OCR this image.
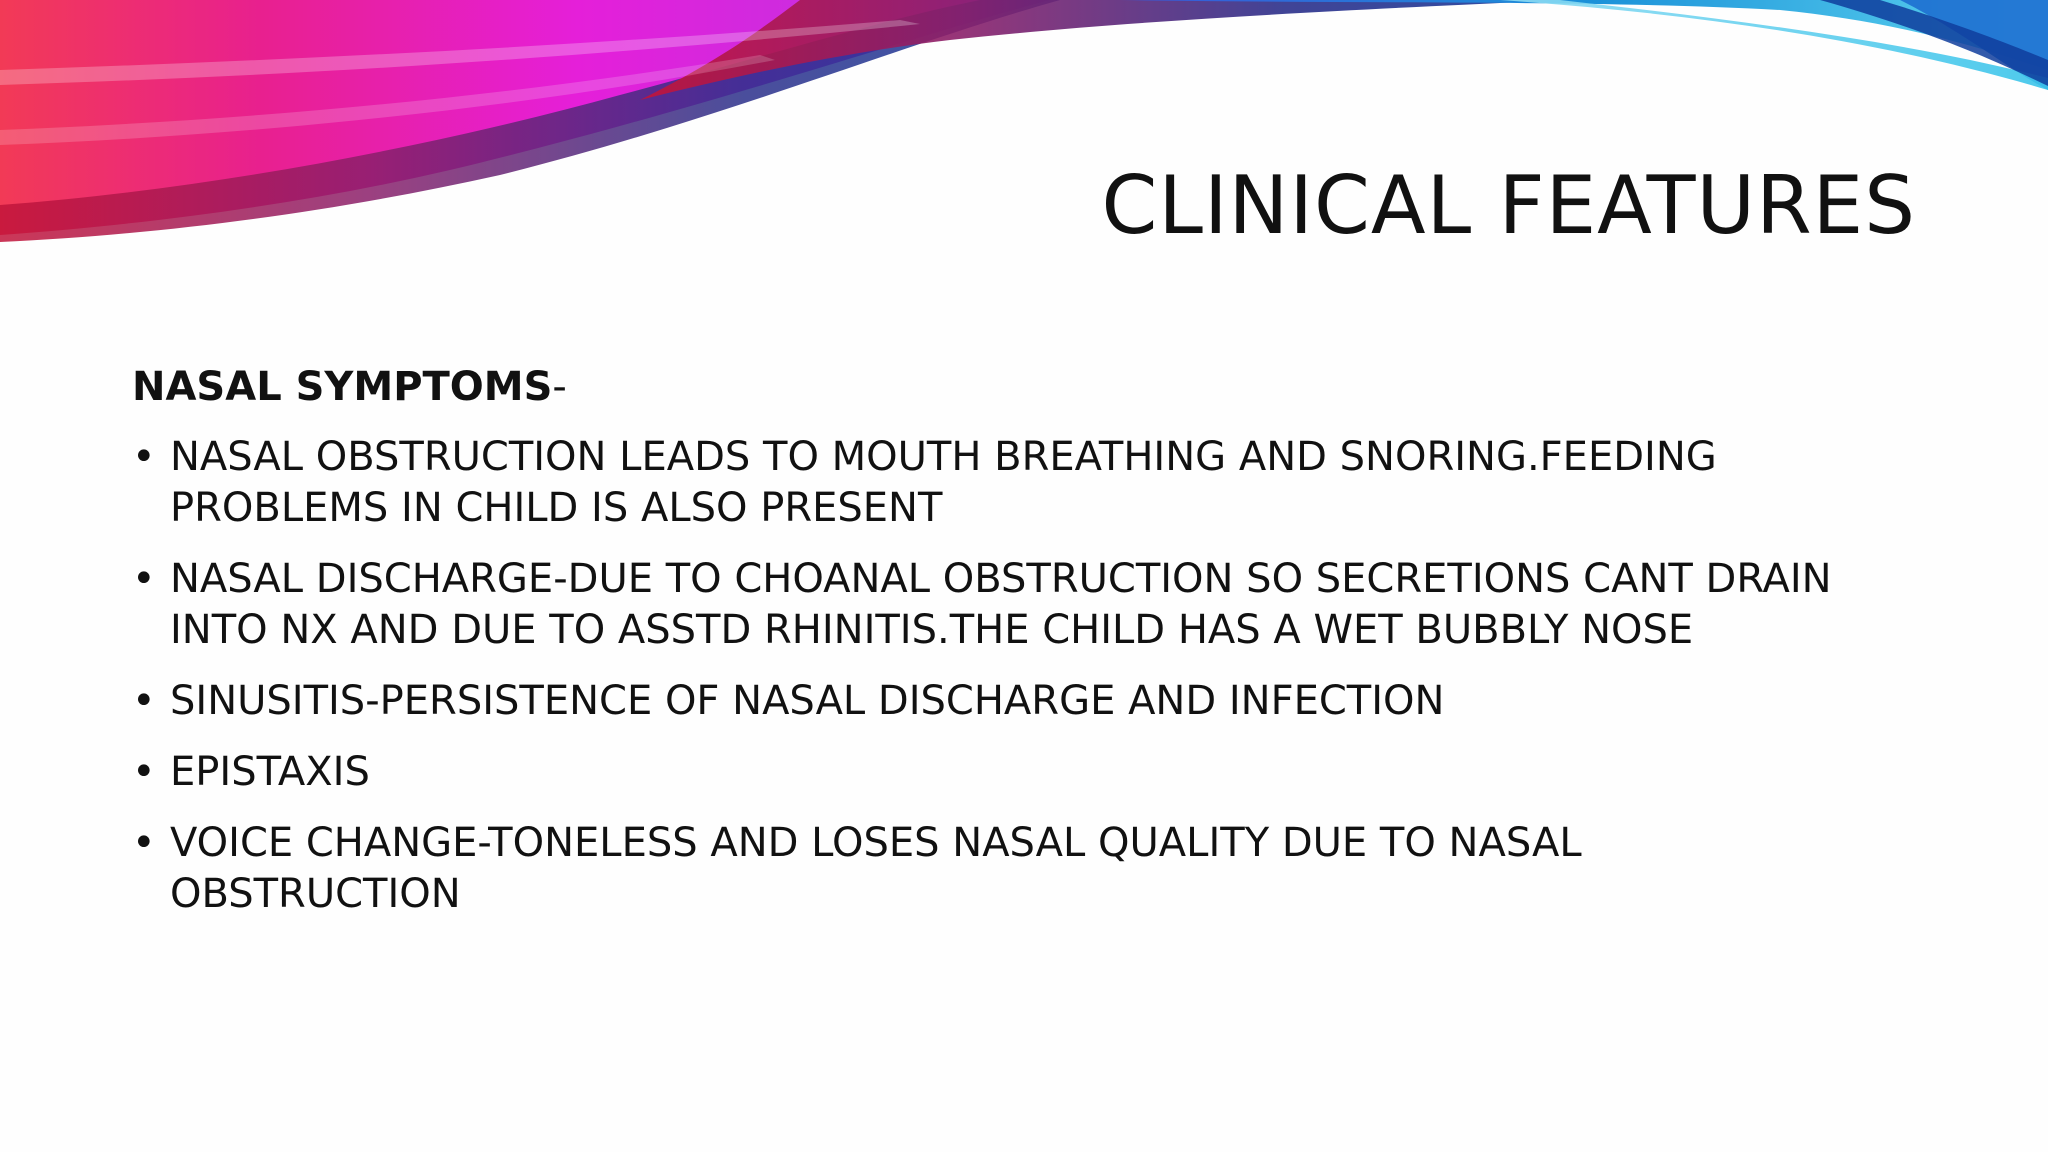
CLINICAL FEATURES

NASAL SYMPTOMS-

• NASAL OBSTRUCTION LEADS TO MOUTH BREATHING AND SNORING.FEEDING PROBLEMS IN CHILD IS ALSO PRESENT
• NASAL DISCHARGE-DUE TO CHOANAL OBSTRUCTION SO SECRETIONS CANT DRAIN INTO NX AND DUE TO ASSTD RHINITIS.THE CHILD HAS A WET BUBBLY NOSE
• SINUSITIS-PERSISTENCE OF NASAL DISCHARGE AND INFECTION
• EPISTAXIS
• VOICE CHANGE-TONELESS AND LOSES NASAL QUALITY DUE TO NASAL OBSTRUCTION
